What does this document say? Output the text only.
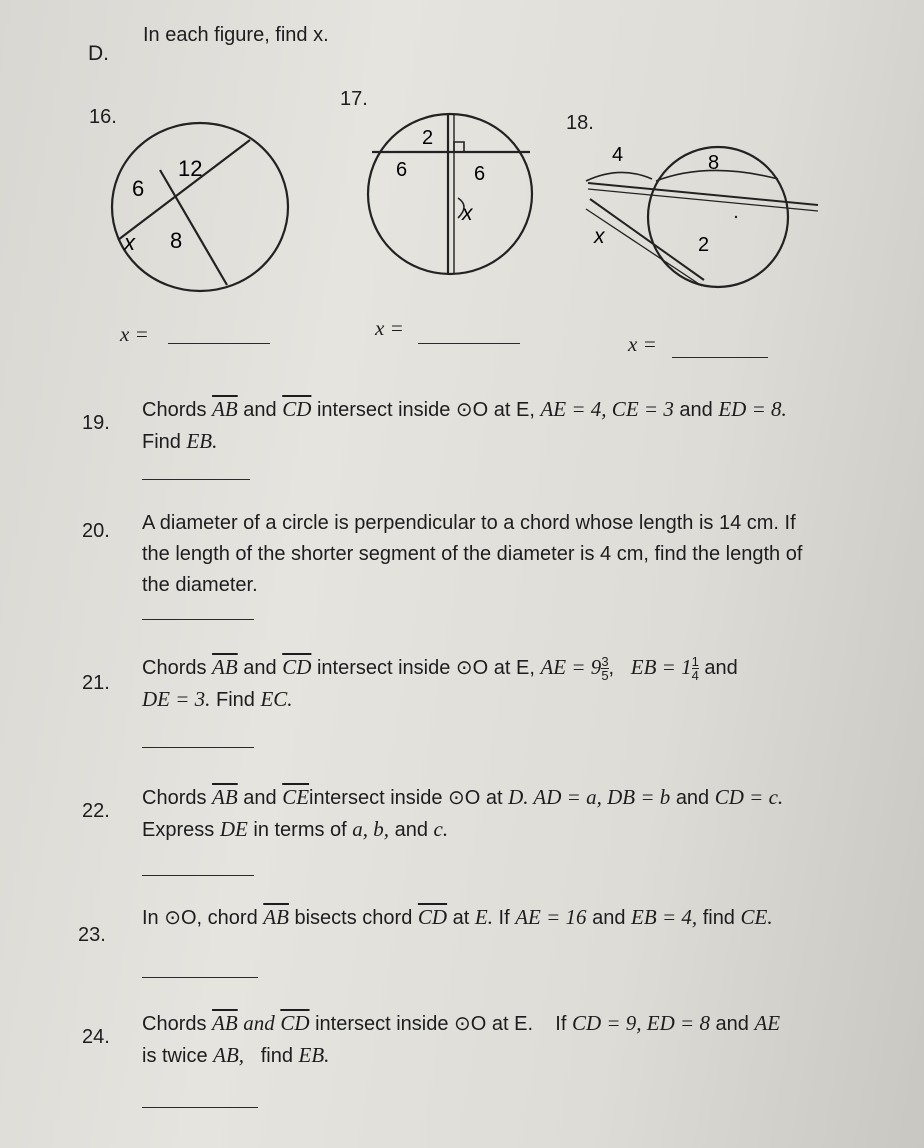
D.
In each figure, find x.
16.
12
6
x 8
x =
17.
2
6	6
x
x =
18.
4	8
x	2
x =
19.
Chords $\overline{AB}$ and $\overline{CD}$ intersect inside ⊙O at E, AE = 4, CE = 3 and ED = 8.
Find EB.
20. A diameter of a circle is perpendicular to a chord whose length is 14 cm. If
the length of the shorter segment of the diameter is 4 cm, find the length of
the diameter.
21.
Chords $\overline{AB}$ and $\overline{CD}$ intersect inside ⊙O at E, AE = $9 \frac{3}{5}$ , EB = $1 \frac{1}{4}$ and
DE = 3. Find EC.
22.
Chords $\overline{AB}$ and $\overline{CE}intersect$ inside ⊙O at D. AD = a, DB = b and CD = c.
Express DE in terms of a, b, and c.
23.
In ⊙O, chord $\overline{AB}$ bisects chord $\overline{CD}$ at E. If AE = 16 and EB = 4, find CE.
24.
Chords $\overline{AB}$ and $\overline{CD}$ intersect inside ⊙O at E. If CD = 9, ED = 8 and AE
is twice AB, find EB.
